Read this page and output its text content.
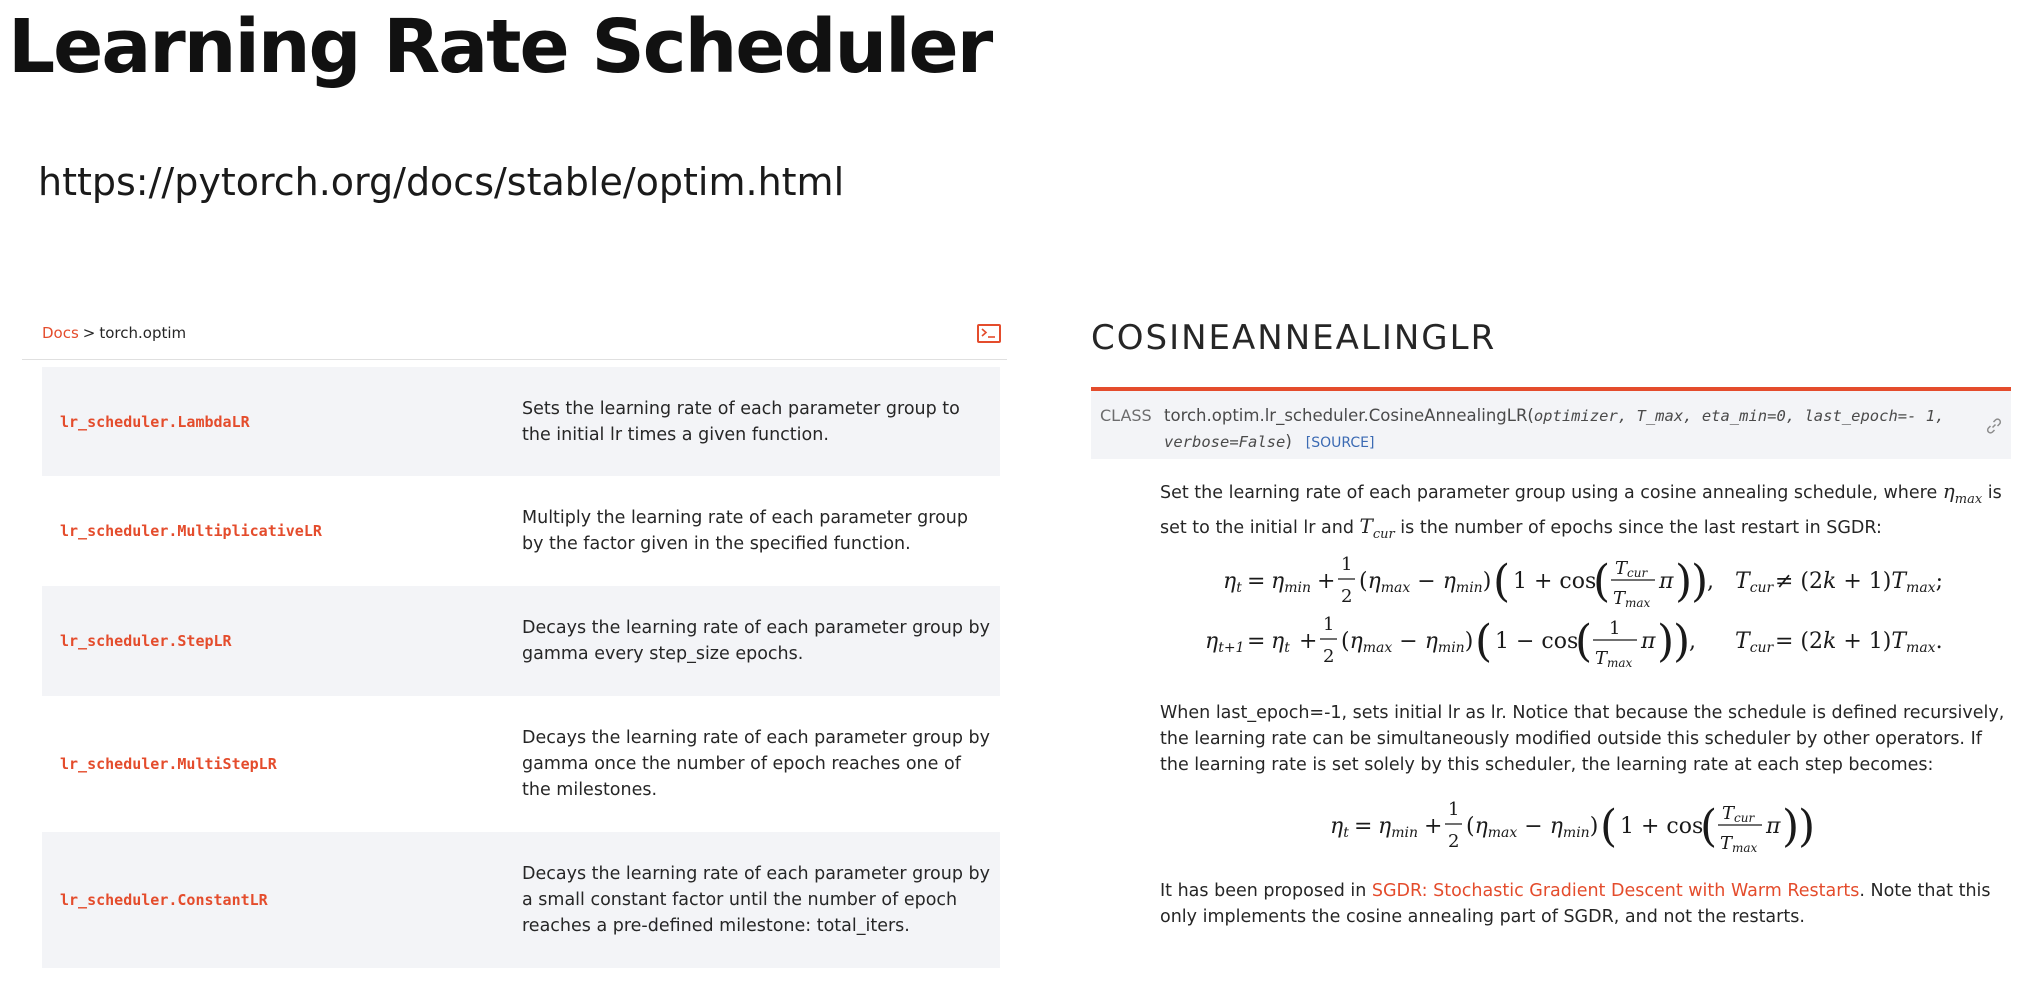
Learning Rate Scheduler
https://pytorch.org/docs/stable/optim.html
Docs > torch.optim
lr_scheduler.LambdaLR
Sets the learning rate of each parameter group to the initial lr times a given function.
lr_scheduler.MultiplicativeLR
Multiply the learning rate of each parameter group by the factor given in the specified function.
lr_scheduler.StepLR
Decays the learning rate of each parameter group by gamma every step_size epochs.
lr_scheduler.MultiStepLR
Decays the learning rate of each parameter group by gamma once the number of epoch reaches one of the milestones.
lr_scheduler.ConstantLR
Decays the learning rate of each parameter group by a small constant factor until the number of epoch reaches a pre-defined milestone: total_iters.
COSINEANNEALINGLR
CLASS torch.optim.lr_scheduler.CosineAnnealingLR(optimizer, T_max, eta_min=0, last_epoch=- 1,
verbose=False) [SOURCE]
Set the learning rate of each parameter group using a cosine annealing schedule, where $\eta_{max}$ is set to the initial lr and $T_{cur}$ is the number of epochs since the last restart in SGDR:
ηt = ηmin +
1
2
(ηmax − ηmin) ( 1 + cos
( Tcur
Tmax
π )
)
, Tcur ≠ (2k + 1)Tmax;
ηt+1 = ηt +
1
2
(ηmax − ηmin) ( 1 − cos
( 1
Tmax
π )
)
, Tcur = (2k + 1)Tmax.
When last_epoch=-1, sets initial lr as lr. Notice that because the schedule is defined recursively, the learning rate can be simultaneously modified outside this scheduler by other operators. If the learning rate is set solely by this scheduler, the learning rate at each step becomes:
ηt = ηmin +
1
2
(ηmax − ηmin) ( 1 + cos
( Tcur
Tmax
π )
)
It has been proposed in SGDR: Stochastic Gradient Descent with Warm Restarts. Note that this only implements the cosine annealing part of SGDR, and not the restarts.
